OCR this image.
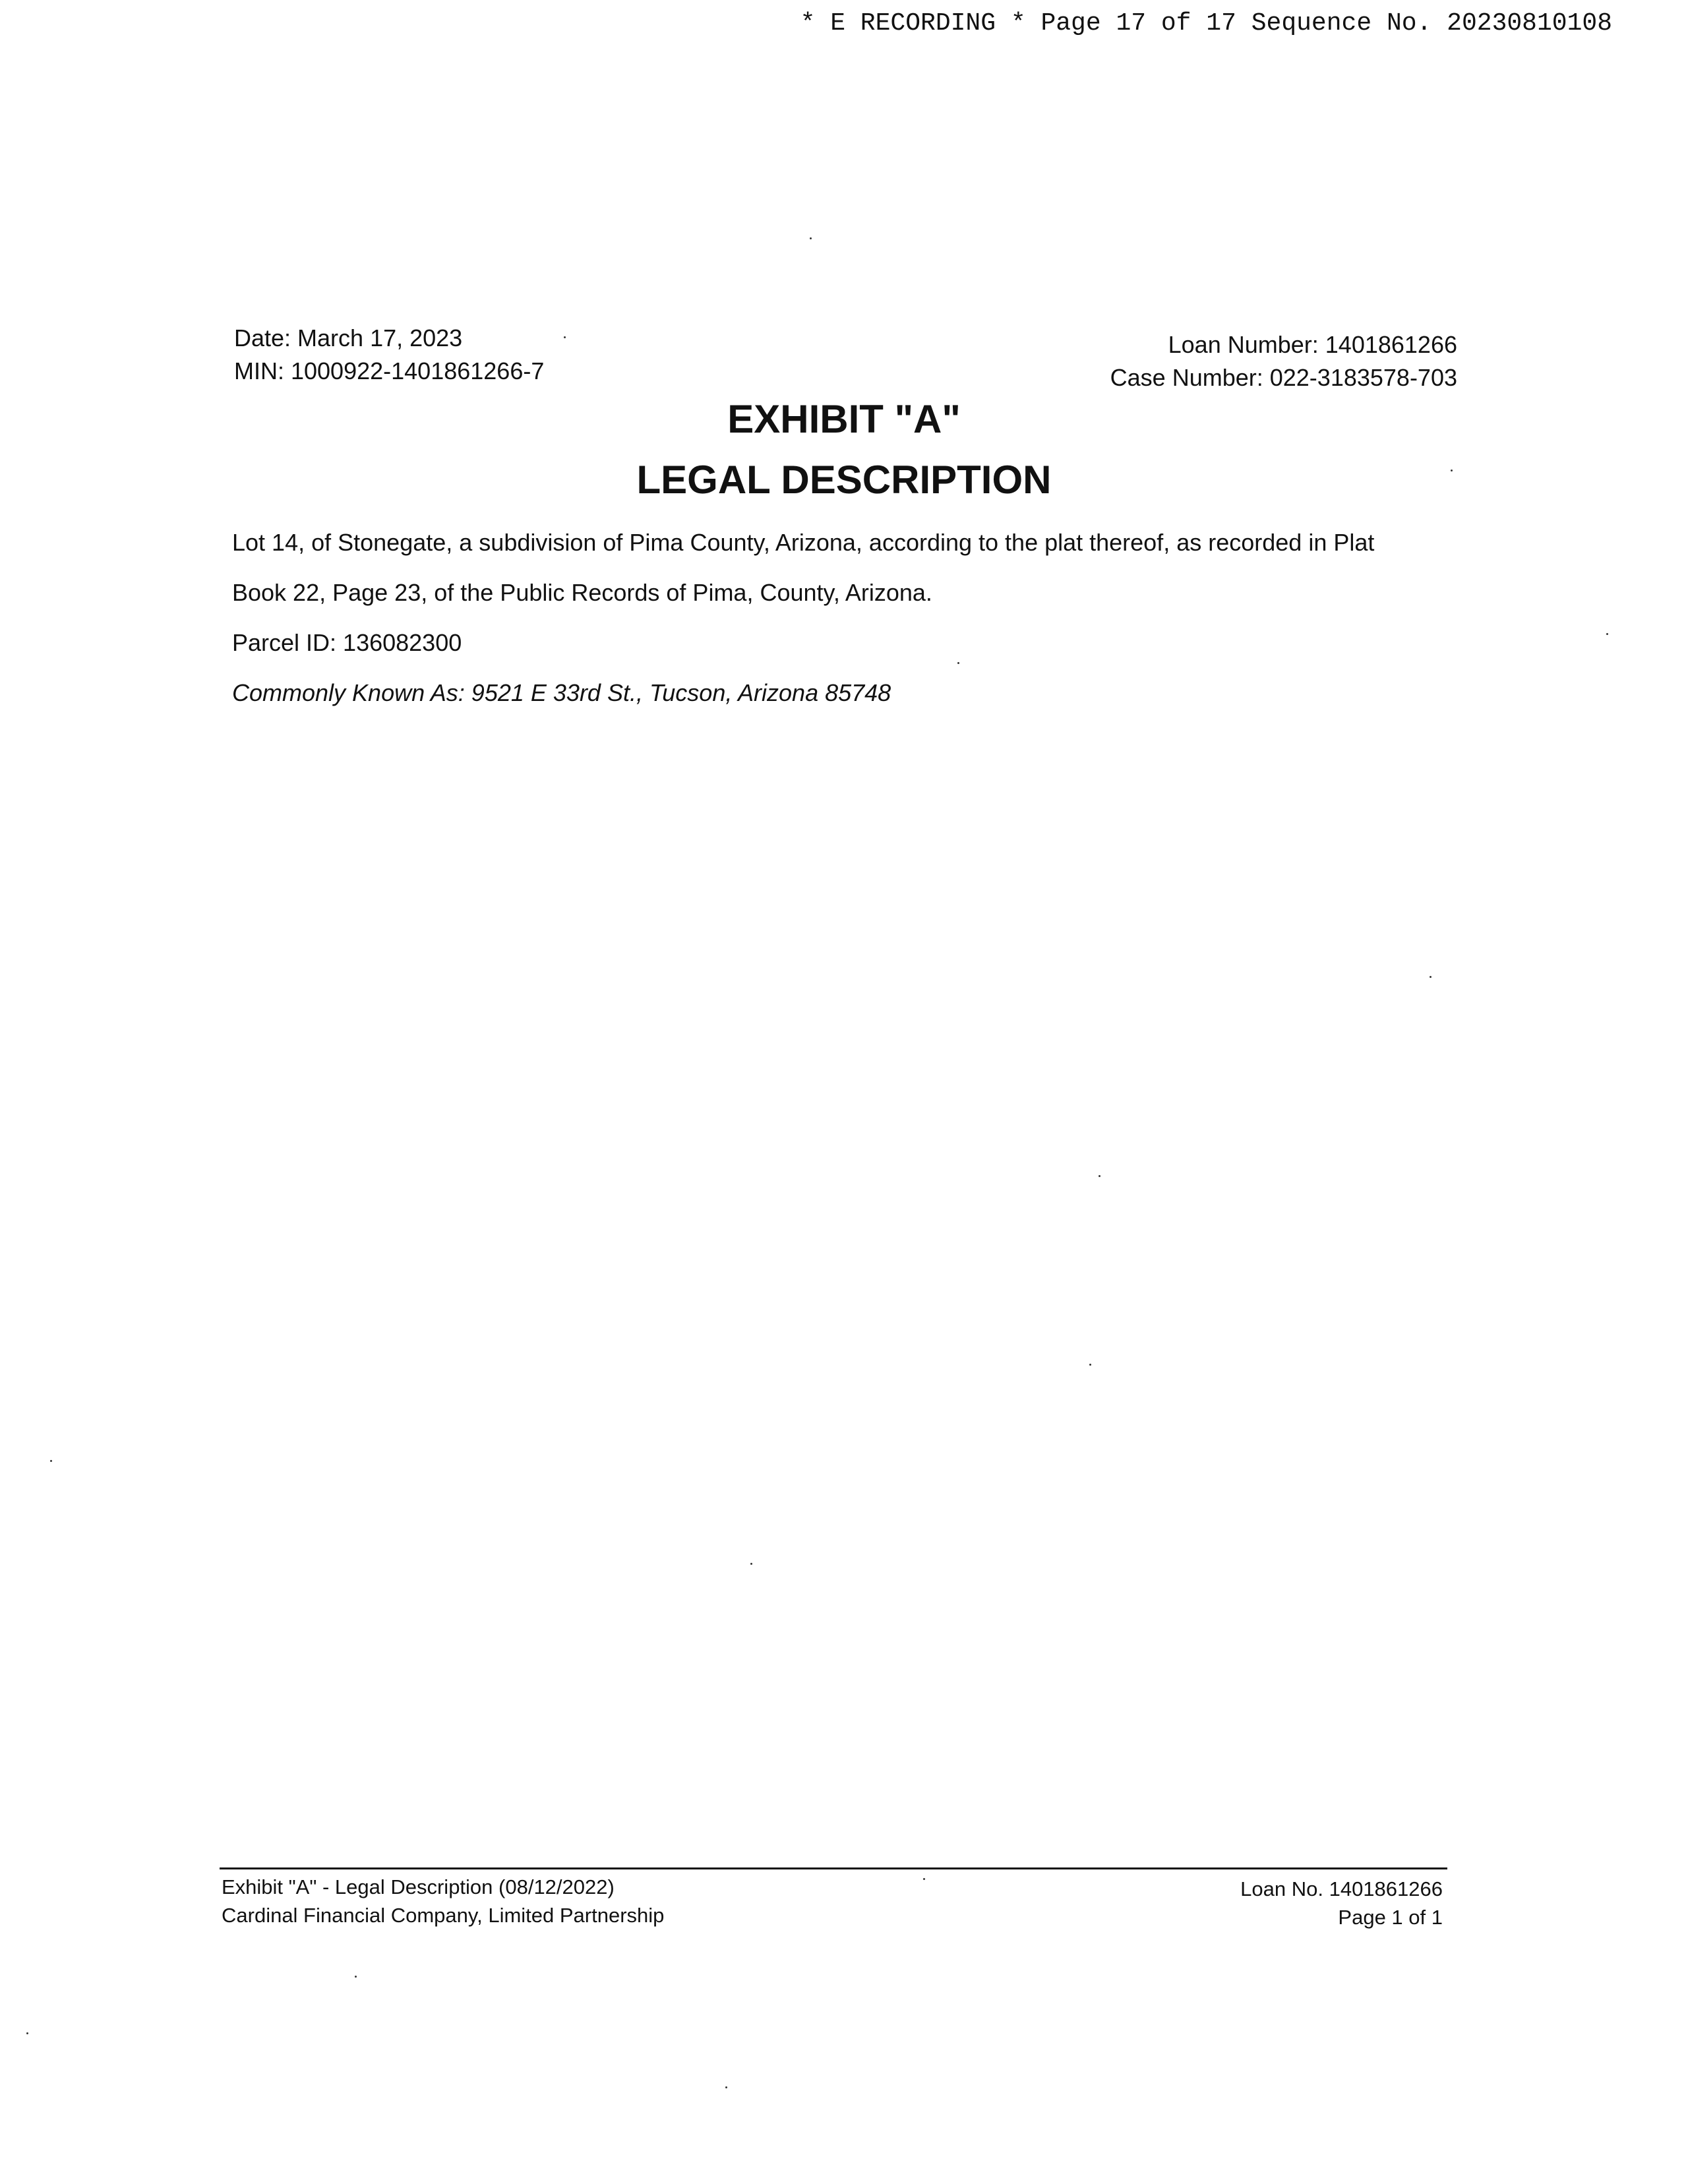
* E RECORDING * Page 17 of 17 Sequence No. 20230810108
Date: March 17, 2023
MIN: 1000922-1401861266-7
Loan Number: 1401861266
Case Number: 022-3183578-703
EXHIBIT "A"
LEGAL DESCRIPTION

Lot 14, of Stonegate, a subdivision of Pima County, Arizona, according to the plat thereof, as recorded in Plat

Book 22, Page 23, of the Public Records of Pima, County, Arizona.

Parcel ID: 136082300

Commonly Known As: 9521 E 33rd St., Tucson, Arizona 85748

Exhibit "A" - Legal Description (08/12/2022)
Cardinal Financial Company, Limited Partnership
Loan No. 1401861266
Page 1 of 1
